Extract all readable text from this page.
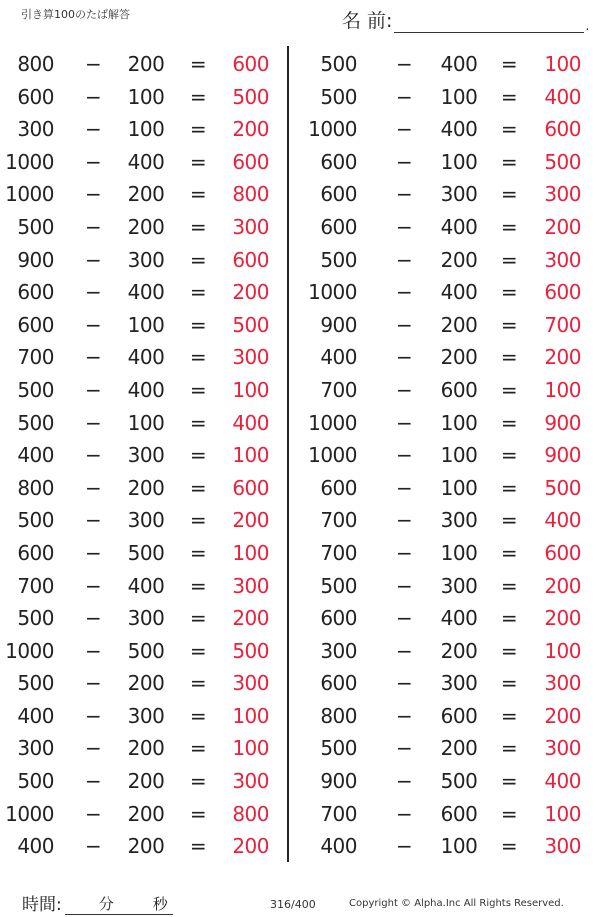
引き算100のたば解答	名 前:	.
800 − 200 = 600
600 − 100 = 500
300 − 100 = 200
1000 − 400 = 600
1000 − 200 = 800
500 − 200 = 300
900 − 300 = 600
600 − 400 = 200
600 − 100 = 500
700 − 400 = 300
500 − 400 = 100
500 − 100 = 400
400 − 300 = 100
800 − 200 = 600
500 − 300 = 200
600 − 500 = 100
700 − 400 = 300
500 − 300 = 200
1000 − 500 = 500
500 − 200 = 300
400 − 300 = 100
300 − 200 = 100
500 − 200 = 300
1000 − 200 = 800
400 − 200 = 200
500 − 400 = 100
500 − 100 = 400
1000 − 400 = 600
600 − 100 = 500
600 − 300 = 300
600 − 400 = 200
500 − 200 = 300
1000 − 400 = 600
900 − 200 = 700
400 − 200 = 200
700 − 600 = 100
1000 − 100 = 900
1000 − 100 = 900
600 − 100 = 500
700 − 300 = 400
700 − 100 = 600
500 − 300 = 200
600 − 400 = 200
300 − 200 = 100
600 − 300 = 300
800 − 600 = 200
500 − 200 = 300
900 − 500 = 400
700 − 600 = 100
400 − 100 = 300
時間: 分	秒	316/400	Copyright © Alpha.Inc All Rights Reserved.
